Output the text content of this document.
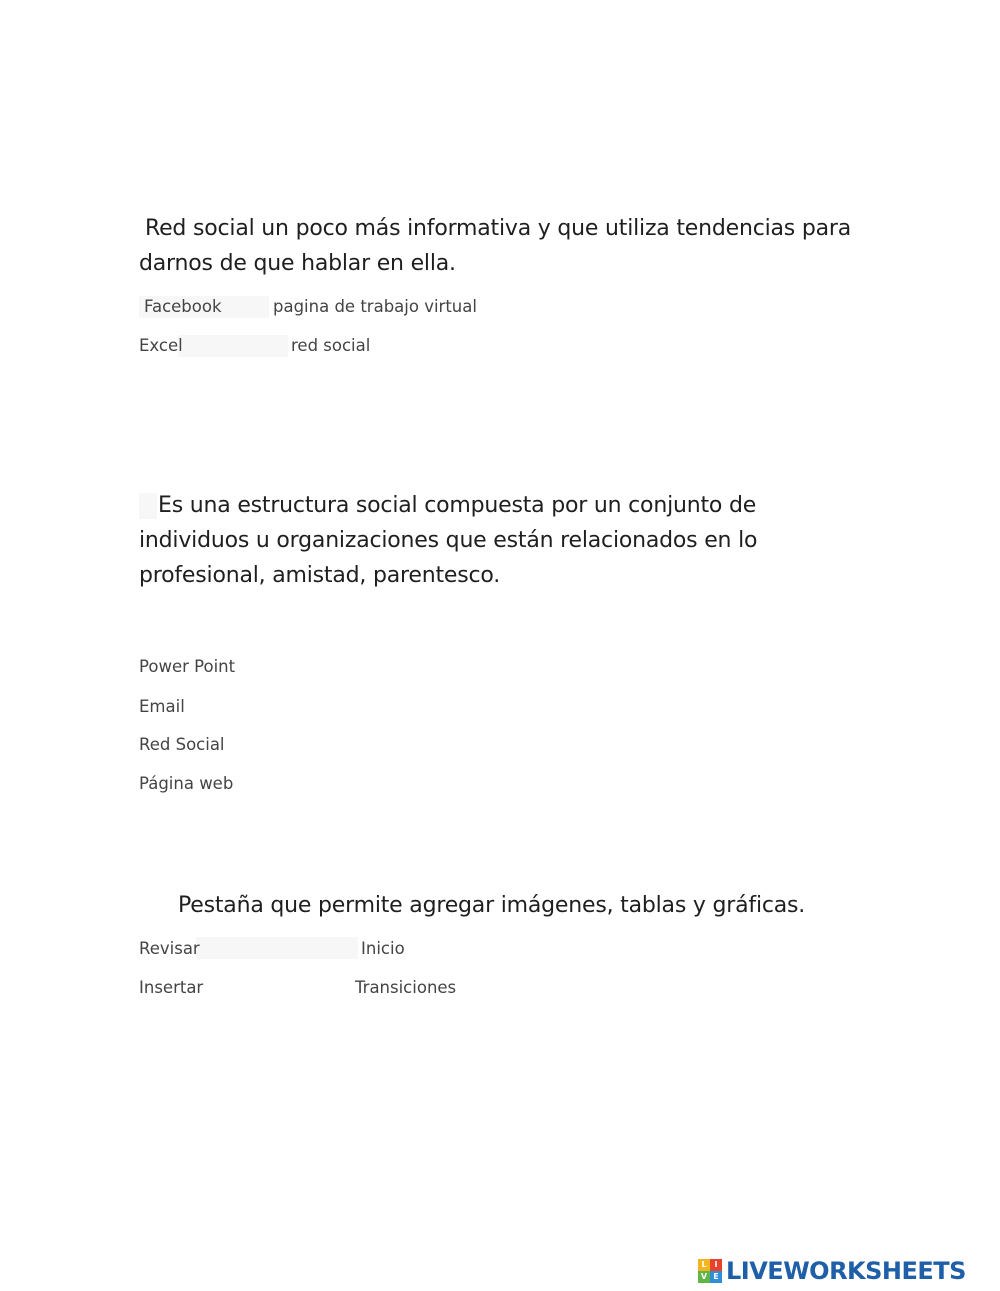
Red social un poco más informativa y que utiliza tendencias para darnos de que hablar en ella.
Facebook	pagina de trabajo virtual
Excel	red social
Es una estructura social compuesta por un conjunto de individuos u organizaciones que están relacionados en lo profesional, amistad, parentesco.
Power Point
Email
Red Social
Página web
Pestaña que permite agregar imágenes, tablas y gráficas.
Revisar	Inicio
Insertar	Transiciones
L I
V E LIVEWORKSHEETS
